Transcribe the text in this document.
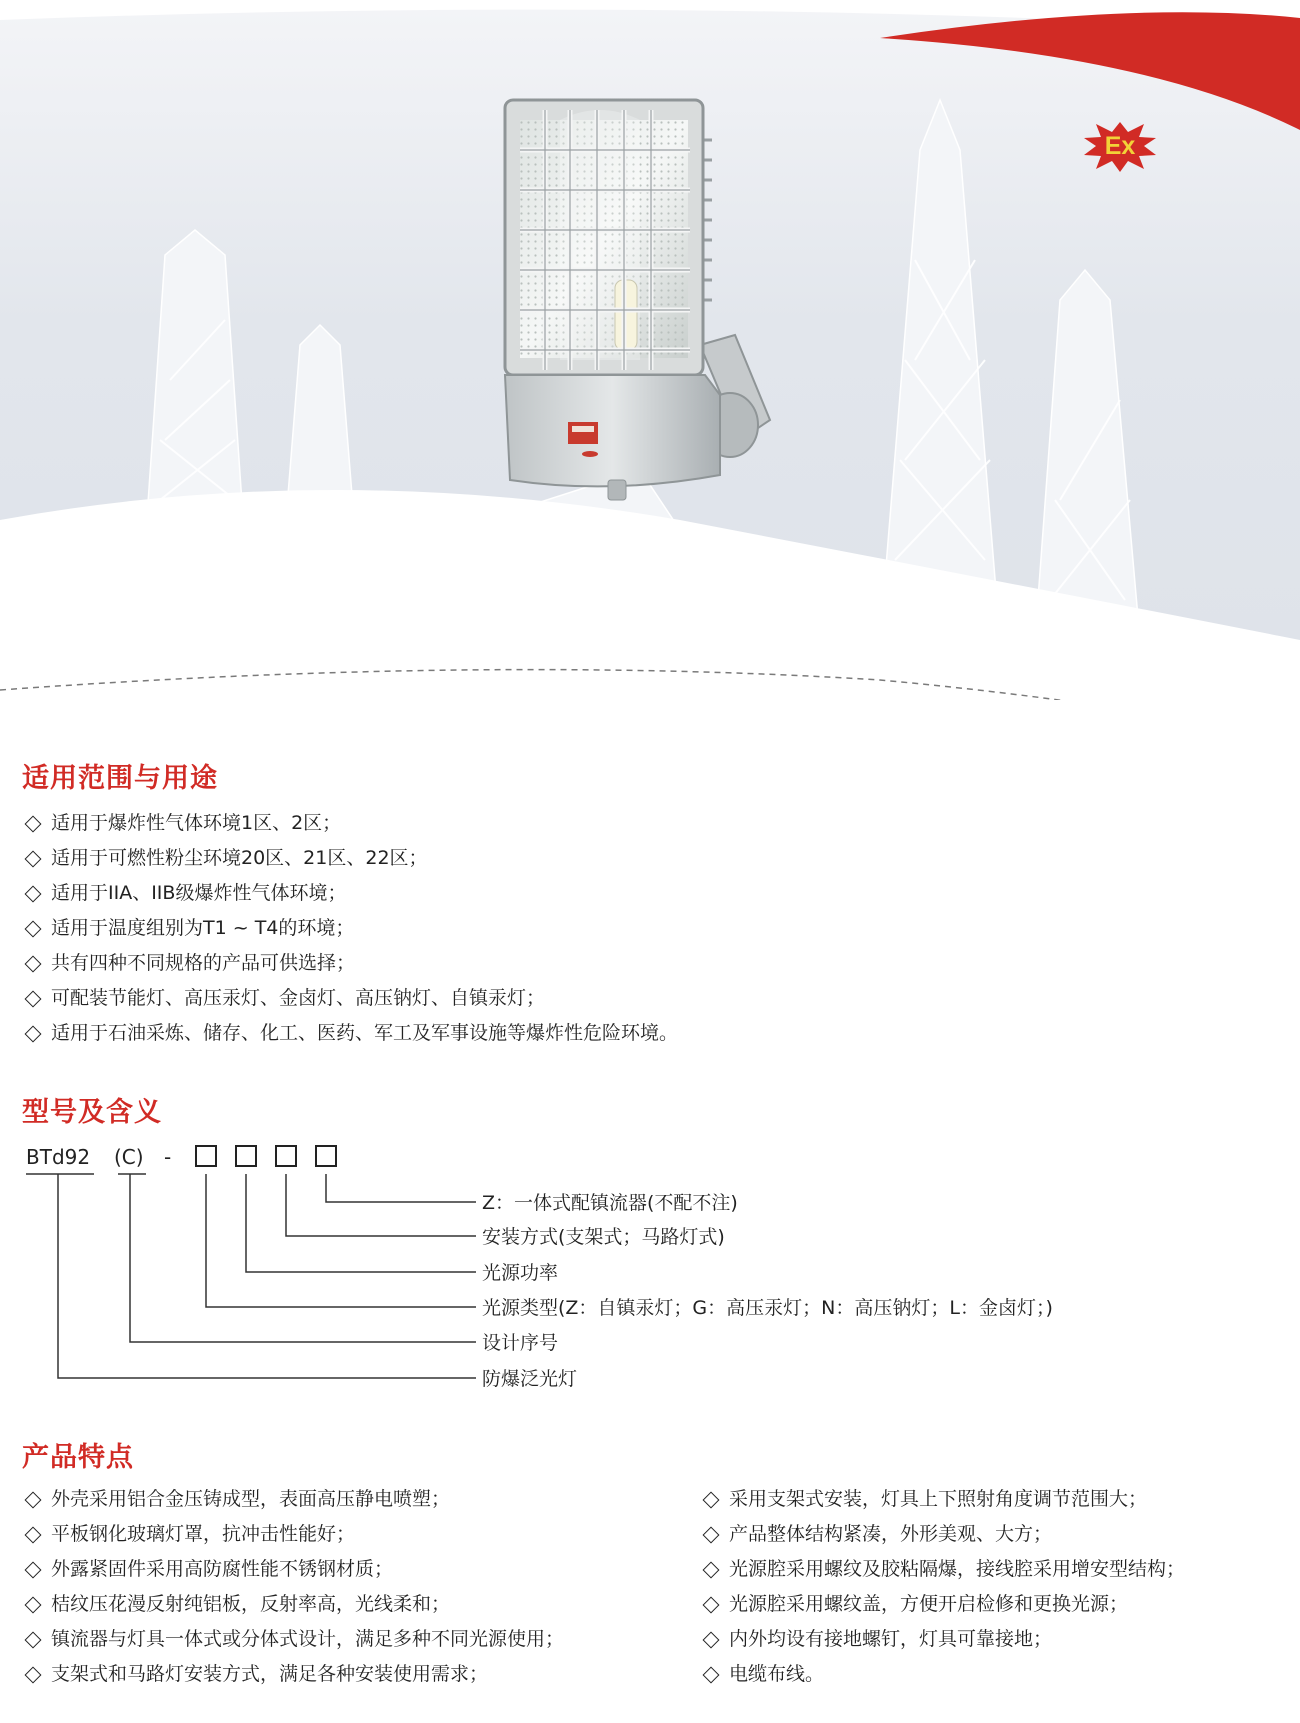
Ex
适用范围与用途
适用于爆炸性气体环境1区、2区；
适用于可燃性粉尘环境20区、21区、22区；
适用于IIA、IIB级爆炸性气体环境；
适用于温度组别为T1 ~ T4的环境；
共有四种不同规格的产品可供选择；
可配装节能灯、高压汞灯、金卤灯、高压钠灯、自镇汞灯；
适用于石油采炼、储存、化工、医药、军工及军事设施等爆炸性危险环境。
型号及含义
BTd92 (C) -
Z：一体式配镇流器(不配不注)
安装方式(支架式；马路灯式)
光源功率
光源类型(Z：自镇汞灯；G：高压汞灯；N：高压钠灯；L：金卤灯；)
设计序号
防爆泛光灯
产品特点
外壳采用铝合金压铸成型，表面高压静电喷塑；
平板钢化玻璃灯罩，抗冲击性能好；
外露紧固件采用高防腐性能不锈钢材质；
桔纹压花漫反射纯铝板，反射率高，光线柔和；
镇流器与灯具一体式或分体式设计，满足多种不同光源使用；
支架式和马路灯安装方式，满足各种安装使用需求；
采用支架式安装，灯具上下照射角度调节范围大；
产品整体结构紧凑，外形美观、大方；
光源腔采用螺纹及胶粘隔爆，接线腔采用增安型结构；
光源腔采用螺纹盖，方便开启检修和更换光源；
内外均设有接地螺钉，灯具可靠接地；
电缆布线。
